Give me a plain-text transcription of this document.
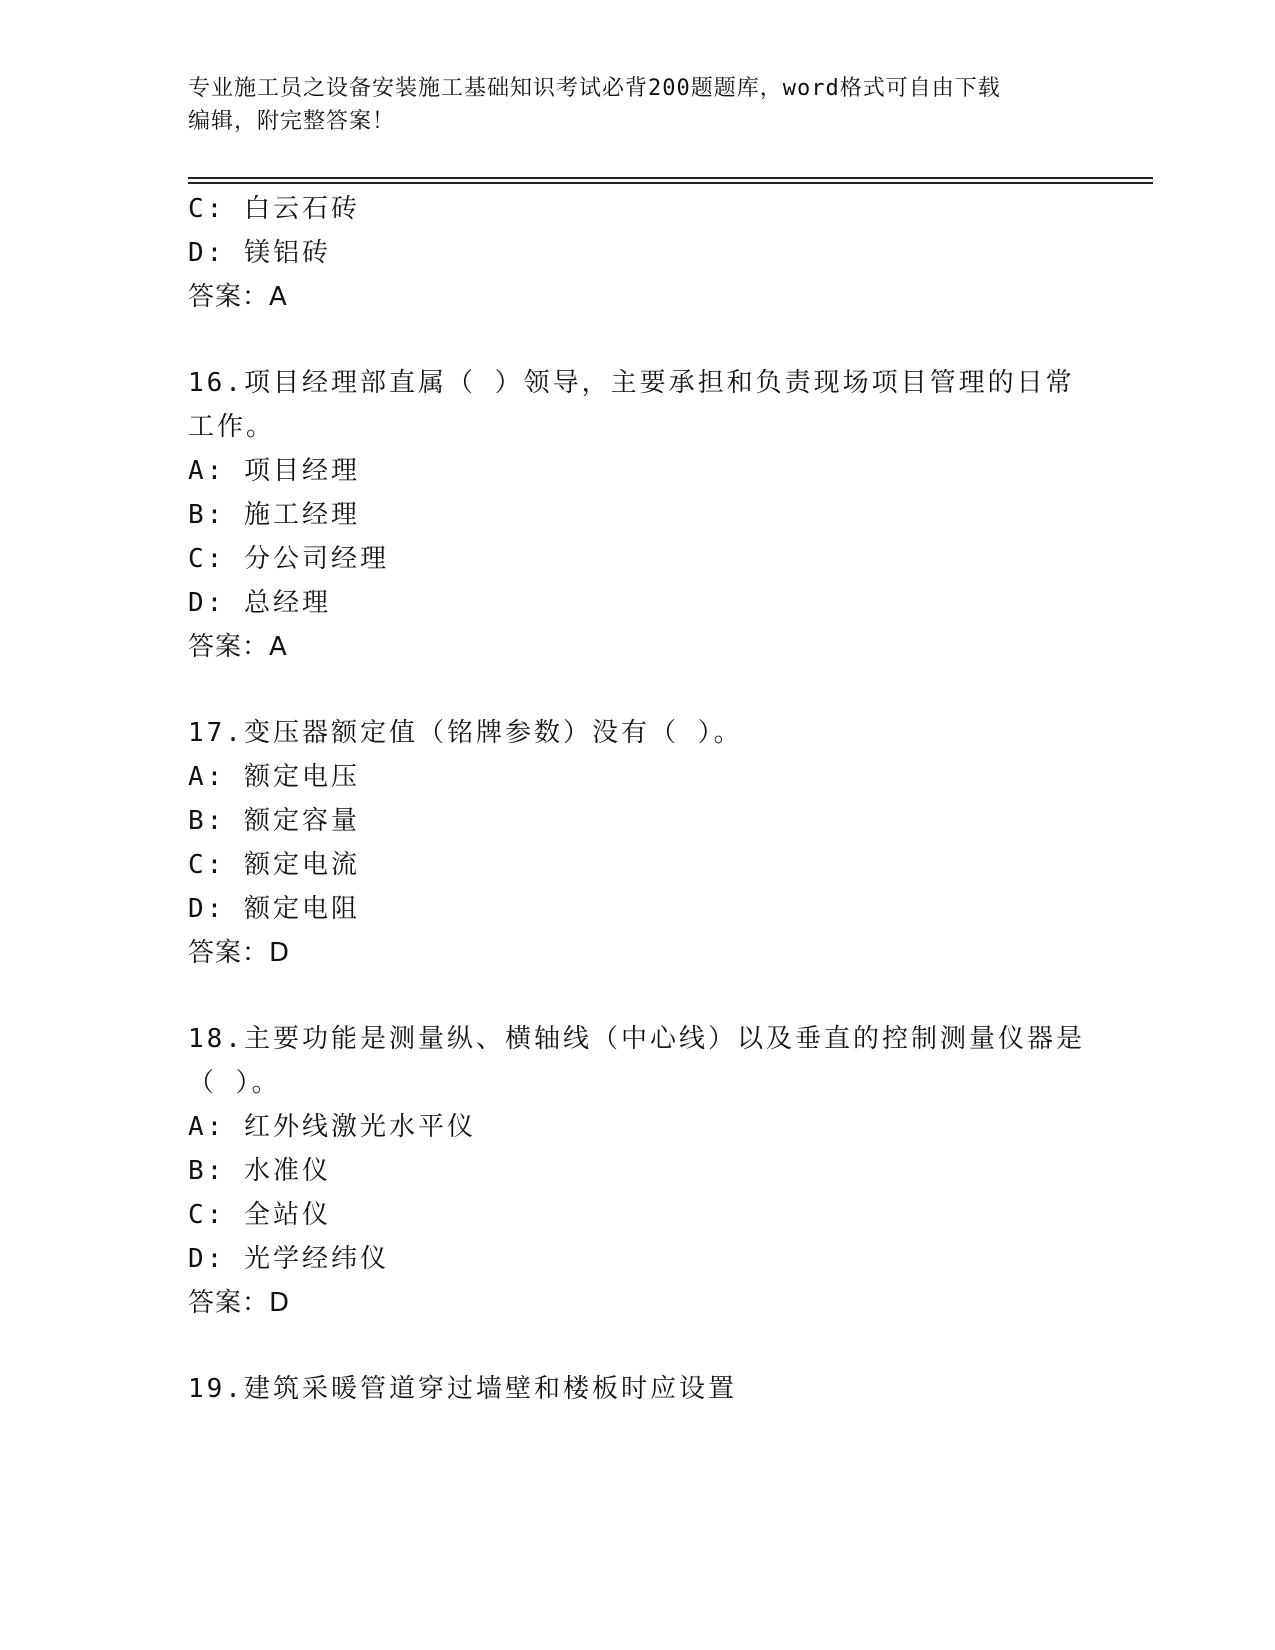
专业施工员之设备安装施工基础知识考试必背200题题库，word格式可自由下载
编辑，附完整答案！
C: 白云石砖
D: 镁铝砖
答案：A
16.项目经理部直属（ ）领导，主要承担和负责现场项目管理的日常
工作。
A: 项目经理
B: 施工经理
C: 分公司经理
D: 总经理
答案：A
17.变压器额定值（铭牌参数）没有（ ）。
A: 额定电压
B: 额定容量
C: 额定电流
D: 额定电阻
答案：D
18.主要功能是测量纵、横轴线（中心线）以及垂直的控制测量仪器是
（ ）。
A: 红外线激光水平仪
B: 水准仪
C: 全站仪
D: 光学经纬仪
答案：D
19.建筑采暖管道穿过墙壁和楼板时应设置
